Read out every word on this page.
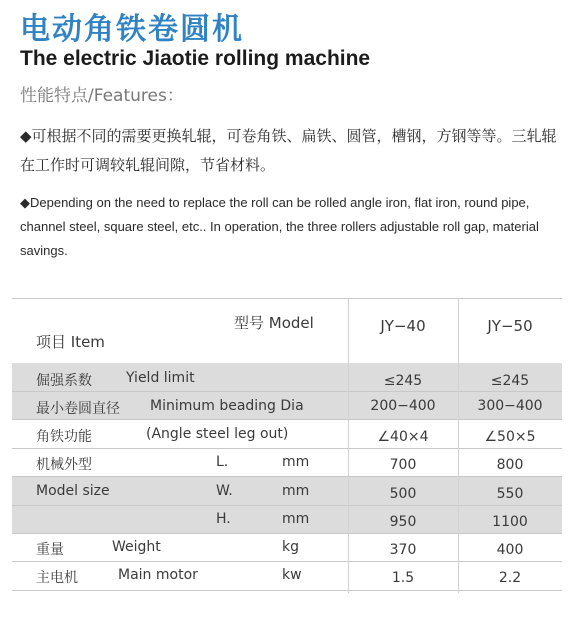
电动角铁卷圆机
The electric Jiaotie rolling machine
性能特点/Features：
◆可根据不同的需要更换轧辊，可卷角铁、扁铁、圆管，槽钢，方钢等等。三轧辊在工作时可调较轧辊间隙，节省材料。
◆Depending on the need to replace the roll can be rolled angle iron, flat iron, round pipe, channel steel, square steel, etc.. In operation, the three rollers adjustable roll gap, material savings.
型号 Model
项目 Item
JY−40	JY−50
倔强系数 Yield limit	≤245	≤245
最小卷圆直径 Minimum beading Dia	200−400	300−400
角铁功能	(Angle steel leg out)	∠40×4	∠50×5
机械外型	L.	mm	700	800
Model size	W.	mm	500	550
H.	mm	950	1100
重量	Weight	kg	370	400
主电机	Main motor	kw	1.5	2.2
